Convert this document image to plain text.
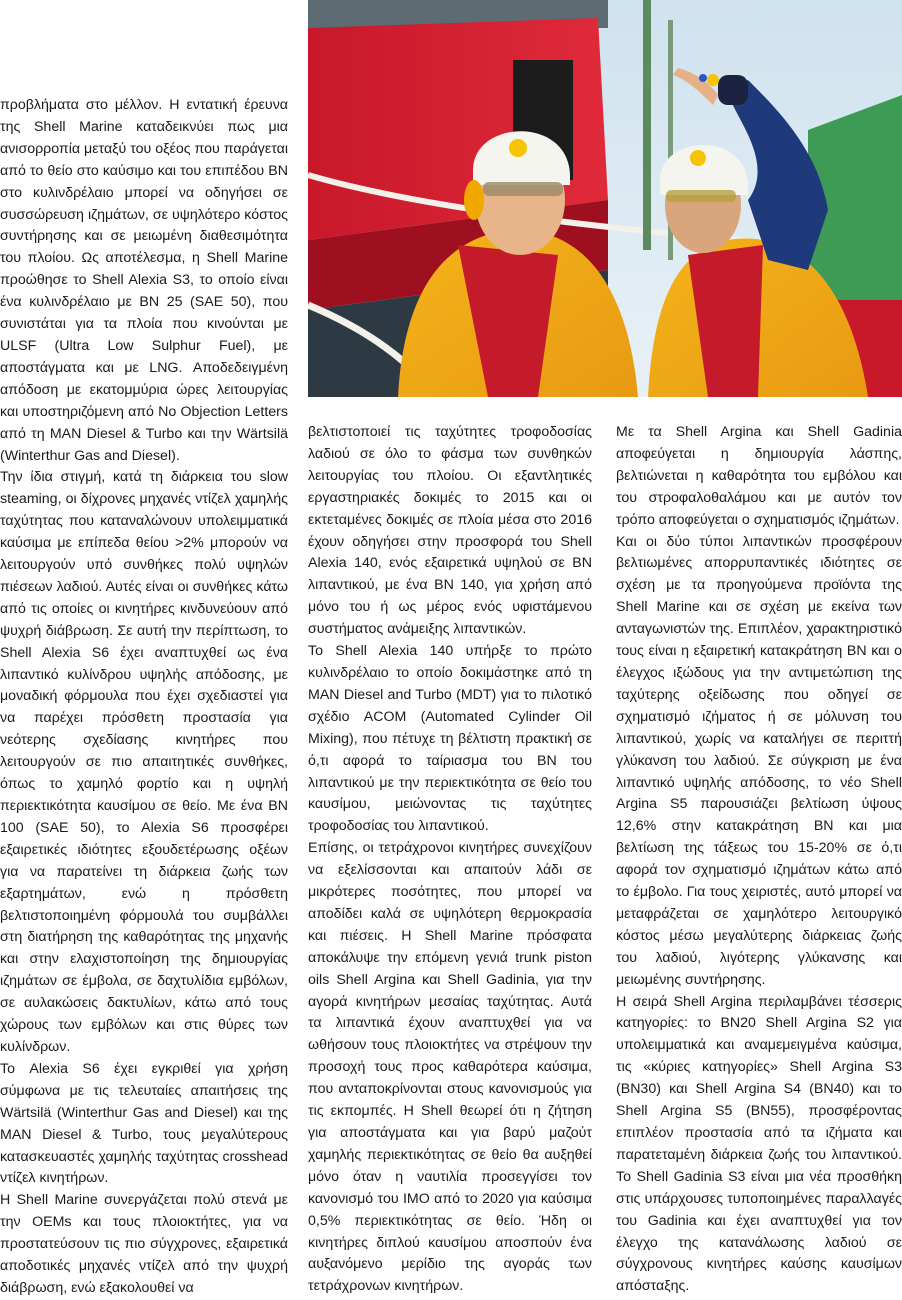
προβλήματα στο μέλλον. Η εντατική έρευνα της Shell Marine καταδεικνύει πως μια ανισορροπία μεταξύ του οξέος που παράγεται από το θείο στο καύσιμο και του επιπέδου BN στο κυλινδρέλαιο μπορεί να οδηγήσει σε συσσώρευση ιζημάτων, σε υψηλότερο κόστος συντήρησης και σε μειωμένη διαθεσιμότητα του πλοίου. Ως αποτέλεσμα, η Shell Marine προώθησε το Shell Alexia S3, το οποίο είναι ένα κυλινδρέλαιο με BN 25 (SAE 50), που συνιστάται για τα πλοία που κινούνται με ULSF (Ultra Low Sulphur Fuel), με αποστάγματα και με LNG. Αποδεδειγμένη απόδοση με εκατομμύρια ώρες λειτουργίας και υποστηριζόμενη από No Objection Letters από τη MAN Diesel & Turbo και την Wärtsilä (Winterthur Gas and Diesel).

Την ίδια στιγμή, κατά τη διάρκεια του slow steaming, οι δίχρονες μηχανές ντίζελ χαμηλής ταχύτητας που καταναλώνουν υπολειμματικά καύσιμα με επίπεδα θείου >2% μπορούν να λειτουργούν υπό συνθήκες πολύ υψηλών πιέσεων λαδιού. Αυτές είναι οι συνθήκες κάτω από τις οποίες οι κινητήρες κινδυνεύουν από ψυχρή διάβρωση. Σε αυτή την περίπτωση, το Shell Alexia S6 έχει αναπτυχθεί ως ένα λιπαντικό κυλίνδρου υψηλής απόδοσης, με μοναδική φόρμουλα που έχει σχεδιαστεί για να παρέχει πρόσθετη προστασία για νεότερης σχεδίασης κινητήρες που λειτουργούν σε πιο απαιτητικές συνθήκες, όπως το χαμηλό φορτίο και η υψηλή περιεκτικότητα καυσίμου σε θείο. Με ένα BN 100 (SAE 50), το Alexia S6 προσφέρει εξαιρετικές ιδιότητες εξουδετέρωσης οξέων για να παρατείνει τη διάρκεια ζωής των εξαρτημάτων, ενώ η πρόσθετη βελτιστοποιημένη φόρμουλά του συμβάλλει στη διατήρηση της καθαρότητας της μηχανής και στην ελαχιστοποίηση της δημιουργίας ιζημάτων σε έμβολα, σε δαχτυλίδια εμβόλων, σε αυλακώσεις δακτυλίων, κάτω από τους χώρους των εμβόλων και στις θύρες των κυλίνδρων.

Το Alexia S6 έχει εγκριθεί για χρήση σύμφωνα με τις τελευταίες απαιτήσεις της Wärtsilä (Winterthur Gas and Diesel) και της MAN Diesel & Turbo, τους μεγαλύτερους κατασκευαστές χαμηλής ταχύτητας crosshead ντίζελ κινητήρων.

Η Shell Marine συνεργάζεται πολύ στενά με την OEMs και τους πλοιοκτήτες, για να προστατεύσουν τις πιο σύγχρονες, εξαιρετικά αποδοτικές μηχανές ντίζελ από την ψυχρή διάβρωση, ενώ εξακολουθεί να

βελτιστοποιεί τις ταχύτητες τροφοδοσίας λαδιού σε όλο το φάσμα των συνθηκών λειτουργίας του πλοίου. Οι εξαντλητικές εργαστηριακές δοκιμές το 2015 και οι εκτεταμένες δοκιμές σε πλοία μέσα στο 2016 έχουν οδηγήσει στην προσφορά του Shell Alexia 140, ενός εξαιρετικά υψηλού σε BN λιπαντικού, με ένα BN 140, για χρήση από μόνο του ή ως μέρος ενός υφιστάμενου συστήματος ανάμειξης λιπαντικών.

Το Shell Alexia 140 υπήρξε το πρώτο κυλινδρέλαιο το οποίο δοκιμάστηκε από τη MAN Diesel and Turbo (MDT) για το πιλοτικό σχέδιο ACOM (Automated Cylinder Oil Mixing), που πέτυχε τη βέλτιστη πρακτική σε ό,τι αφορά το ταίριασμα του BN του λιπαντικού με την περιεκτικότητα σε θείο του καυσίμου, μειώνοντας τις ταχύτητες τροφοδοσίας του λιπαντικού.

Επίσης, οι τετράχρονοι κινητήρες συνεχίζουν να εξελίσσονται και απαιτούν λάδι σε μικρότερες ποσότητες, που μπορεί να αποδίδει καλά σε υψηλότερη θερμοκρασία και πιέσεις. Η Shell Marine πρόσφατα αποκάλυψε την επόμενη γενιά trunk piston oils Shell Argina και Shell Gadinia, για την αγορά κινητήρων μεσαίας ταχύτητας. Αυτά τα λιπαντικά έχουν αναπτυχθεί για να ωθήσουν τους πλοιοκτήτες να στρέψουν την προσοχή τους προς καθαρότερα καύσιμα, που ανταποκρίνονται στους κανονισμούς για τις εκπομπές. Η Shell θεωρεί ότι η ζήτηση για αποστάγματα και για βαρύ μαζούτ χαμηλής περιεκτικότητας σε θείο θα αυξηθεί μόνο όταν η ναυτιλία προσεγγίσει τον κανονισμό του IMO από το 2020 για καύσιμα 0,5% περιεκτικότητας σε θείο. Ήδη οι κινητήρες διπλού καυσίμου αποσπούν ένα αυξανόμενο μερίδιο της αγοράς των τετράχρονων κινητήρων.

Με τα Shell Argina και Shell Gadinia αποφεύγεται η δημιουργία λάσπης, βελτιώνεται η καθαρότητα του εμβόλου και του στροφαλοθαλάμου και με αυτόν τον τρόπο αποφεύγεται ο σχηματισμός ιζημάτων.

Και οι δύο τύποι λιπαντικών προσφέρουν βελτιωμένες απορρυπαντικές ιδιότητες σε σχέση με τα προηγούμενα προϊόντα της Shell Marine και σε σχέση με εκείνα των ανταγωνιστών της. Επιπλέον, χαρακτηριστικό τους είναι η εξαιρετική κατακράτηση BN και ο έλεγχος ιξώδους για την αντιμετώπιση της ταχύτερης οξείδωσης που οδηγεί σε σχηματισμό ιζήματος ή σε μόλυνση του λιπαντικού, χωρίς να καταλήγει σε περιττή γλύκανση του λαδιού. Σε σύγκριση με ένα λιπαντικό υψηλής απόδοσης, το νέο Shell Argina S5 παρουσιάζει βελτίωση ύψους 12,6% στην κατακράτηση BN και μια βελτίωση της τάξεως του 15-20% σε ό,τι αφορά τον σχηματισμό ιζημάτων κάτω από το έμβολο. Για τους χειριστές, αυτό μπορεί να μεταφράζεται σε χαμηλότερο λειτουργικό κόστος μέσω μεγαλύτερης διάρκειας ζωής του λαδιού, λιγότερης γλύκανσης και μειωμένης συντήρησης.

Η σειρά Shell Argina περιλαμβάνει τέσσερις κατηγορίες: το BN20 Shell Argina S2 για υπολειμματικά και αναμεμειγμένα καύσιμα, τις «κύριες κατηγορίες» Shell Argina S3 (BN30) και Shell Argina S4 (BN40) και το Shell Argina S5 (BN55), προσφέροντας επιπλέον προστασία από τα ιζήματα και παρατεταμένη διάρκεια ζωής του λιπαντικού. Το Shell Gadinia S3 είναι μια νέα προσθήκη στις υπάρχουσες τυποποιημένες παραλλαγές του Gadinia και έχει αναπτυχθεί για τον έλεγχο της κατανάλωσης λαδιού σε σύγχρονους κινητήρες καύσης καυσίμων απόσταξης.
